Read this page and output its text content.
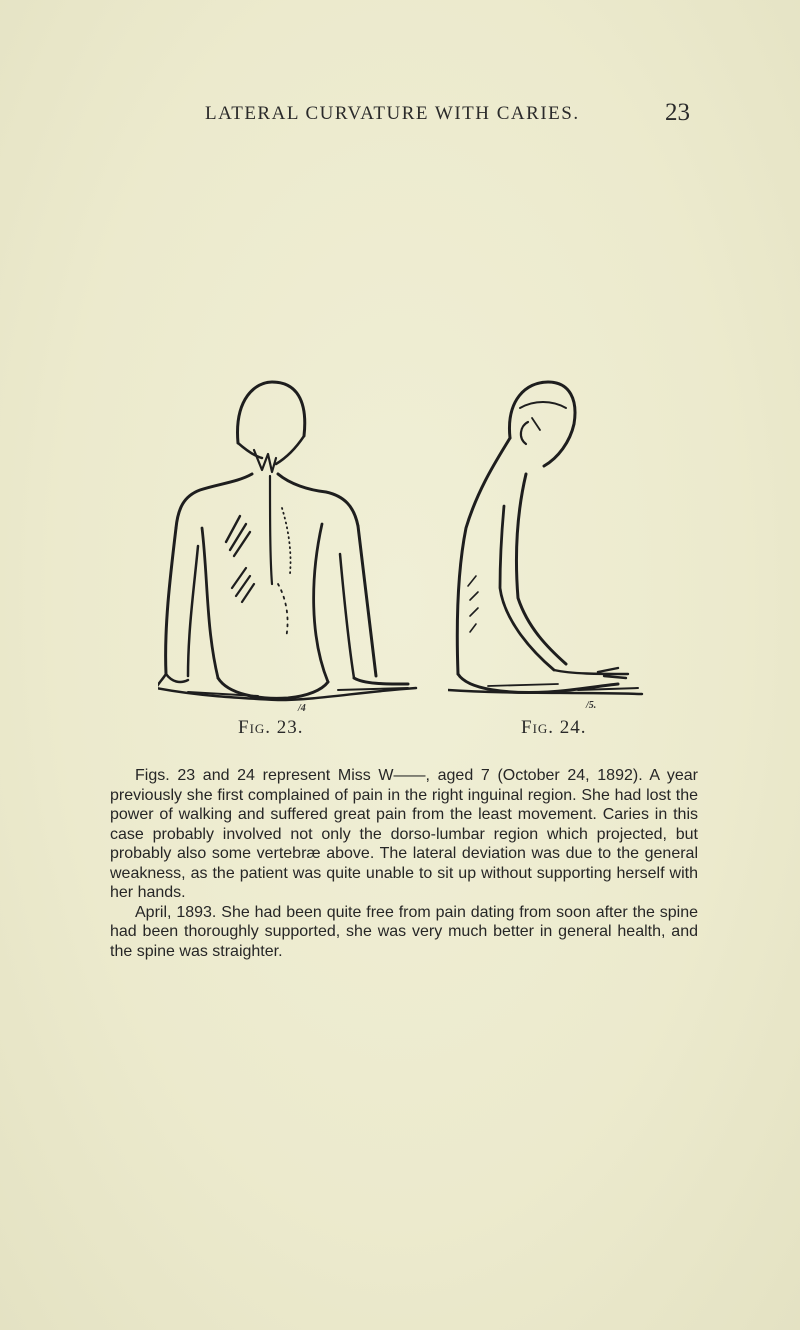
LATERAL CURVATURE WITH CARIES.	23
/4
Fig. 23.
/5.
Fig. 24.

Figs. 23 and 24 represent Miss W——, aged 7 (October 24, 1892). A year previously she first complained of pain in the right inguinal region. She had lost the power of walking and suffered great pain from the least movement. Caries in this case probably involved not only the dorso-lumbar region which projected, but probably also some vertebræ above. The lateral deviation was due to the general weakness, as the patient was quite unable to sit up without supporting herself with her hands.

April, 1893. She had been quite free from pain dating from soon after the spine had been thoroughly supported, she was very much better in general health, and the spine was straighter.
